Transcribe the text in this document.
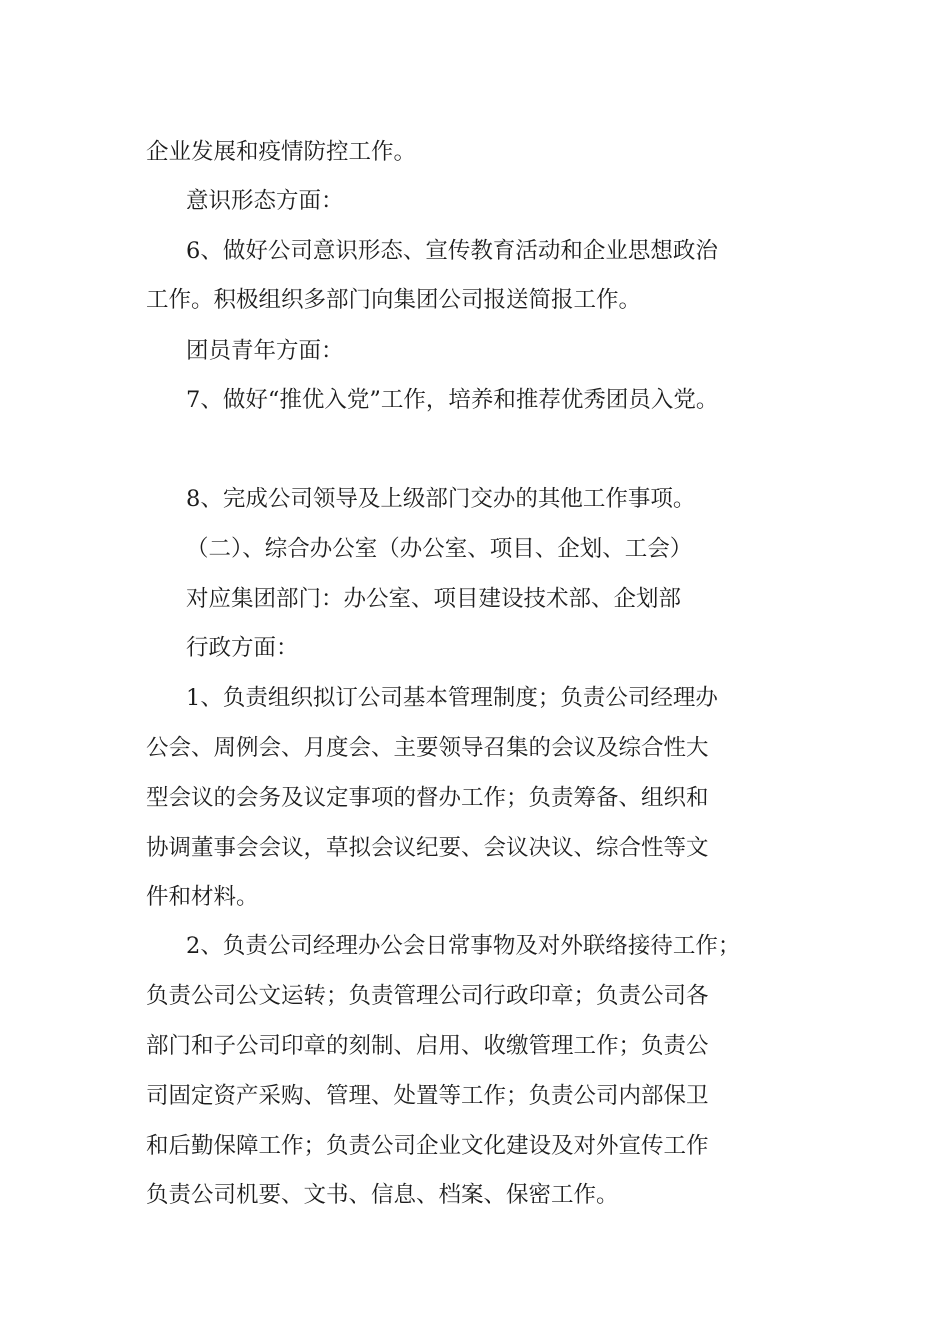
企业发展和疫情防控工作。

意识形态方面：

6、做好公司意识形态、宣传教育活动和企业思想政治

工作。积极组织多部门向集团公司报送简报工作。

团员青年方面：

7、做好“推优入党”工作，培养和推荐优秀团员入党。

8、完成公司领导及上级部门交办的其他工作事项。

（二）、综合办公室（办公室、项目、企划、工会）

对应集团部门：办公室、项目建设技术部、企划部

行政方面：

1、负责组织拟订公司基本管理制度；负责公司经理办

公会、周例会、月度会、主要领导召集的会议及综合性大

型会议的会务及议定事项的督办工作；负责筹备、组织和

协调董事会会议，草拟会议纪要、会议决议、综合性等文

件和材料。

2、负责公司经理办公会日常事物及对外联络接待工作；

负责公司公文运转；负责管理公司行政印章；负责公司各

部门和子公司印章的刻制、启用、收缴管理工作；负责公

司固定资产采购、管理、处置等工作；负责公司内部保卫

和后勤保障工作；负责公司企业文化建设及对外宣传工作

负责公司机要、文书、信息、档案、保密工作。
